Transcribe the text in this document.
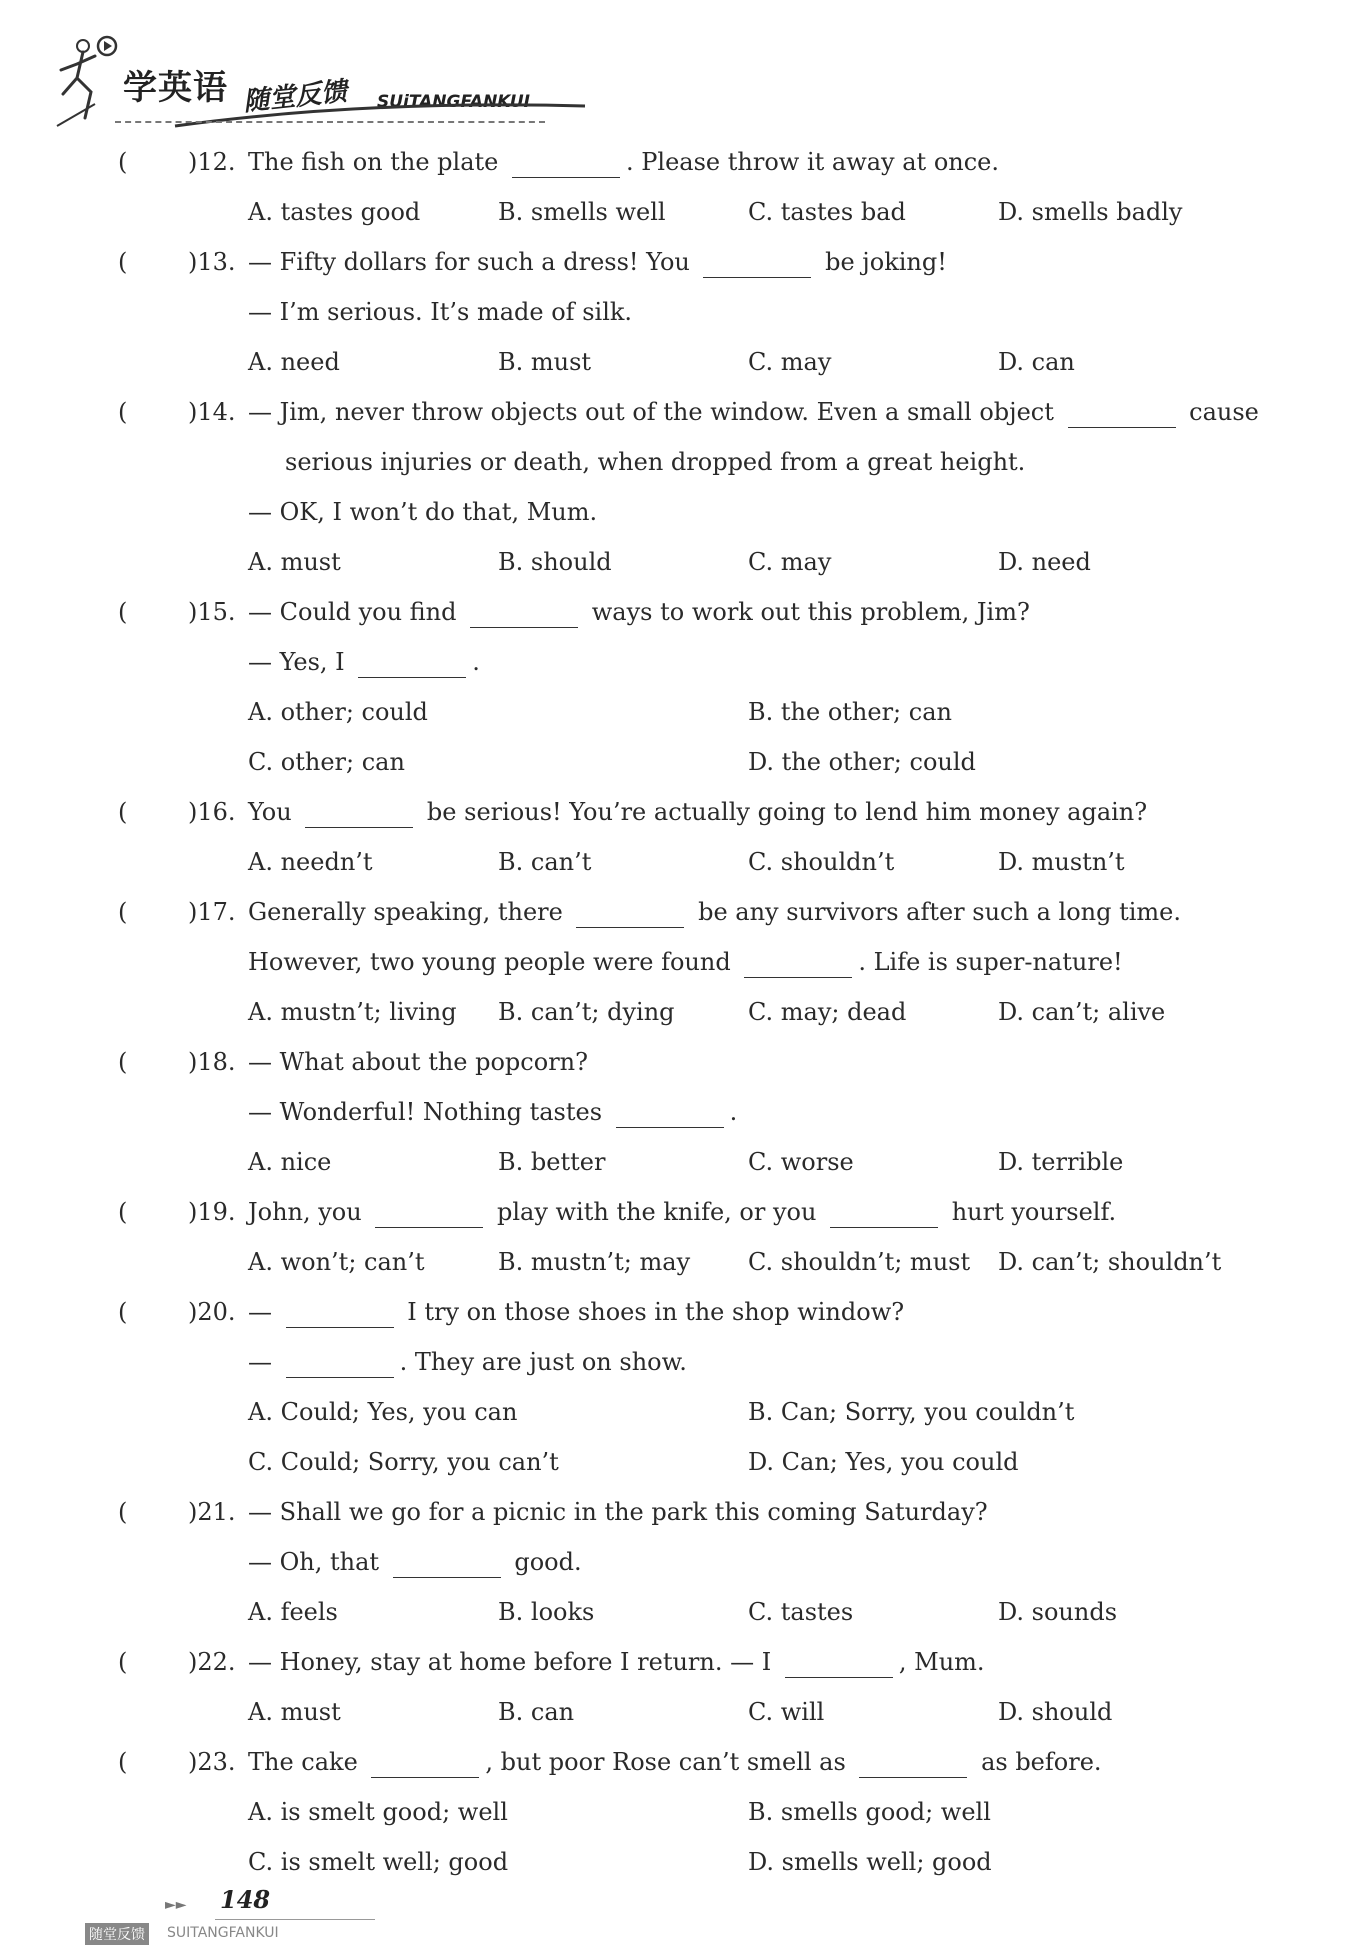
学英语 随堂反馈 SUiTANGFANKUI
(	)12. The fish on the plate	. Please throw it away at once.
A. tastes good	B. smells well	C. tastes bad	D. smells badly
(	)13. — Fifty dollars for such a dress! You	be joking!
— I’m serious. It’s made of silk.
A. need	B. must	C. may	D. can
(	)14. — Jim, never throw objects out of the window. Even a small object	cause
serious injuries or death, when dropped from a great height.
— OK, I won’t do that, Mum.
A. must	B. should	C. may	D. need
(	)15. — Could you find	ways to work out this problem, Jim?
— Yes, I	.
A. other; could	B. the other; can
C. other; can	D. the other; could
(	)16. You	be serious! You’re actually going to lend him money again?
A. needn’t	B. can’t	C. shouldn’t	D. mustn’t
(	)17. Generally speaking, there	be any survivors after such a long time.
However, two young people were found	. Life is super-nature!
A. mustn’t; living	B. can’t; dying	C. may; dead	D. can’t; alive
(	)18. — What about the popcorn?
— Wonderful! Nothing tastes	.
A. nice	B. better	C. worse	D. terrible
(	)19. John, you	play with the knife, or you	hurt yourself.
A. won’t; can’t	B. mustn’t; may	C. shouldn’t; must	D. can’t; shouldn’t
(	)20. —	I try on those shoes in the shop window?
—	. They are just on show.
A. Could; Yes, you can	B. Can; Sorry, you couldn’t
C. Could; Sorry, you can’t	D. Can; Yes, you could
(	)21. — Shall we go for a picnic in the park this coming Saturday?
— Oh, that	good.
A. feels	B. looks	C. tastes	D. sounds
(	)22. — Honey, stay at home before I return. — I	, Mum.
A. must	B. can	C. will	D. should
(	)23. The cake	, but poor Rose can’t smell as	as before.
A. is smelt good; well	B. smells good; well
C. is smelt well; good	D. smells well; good
►► 148
随堂反馈 SUITANGFANKUI
